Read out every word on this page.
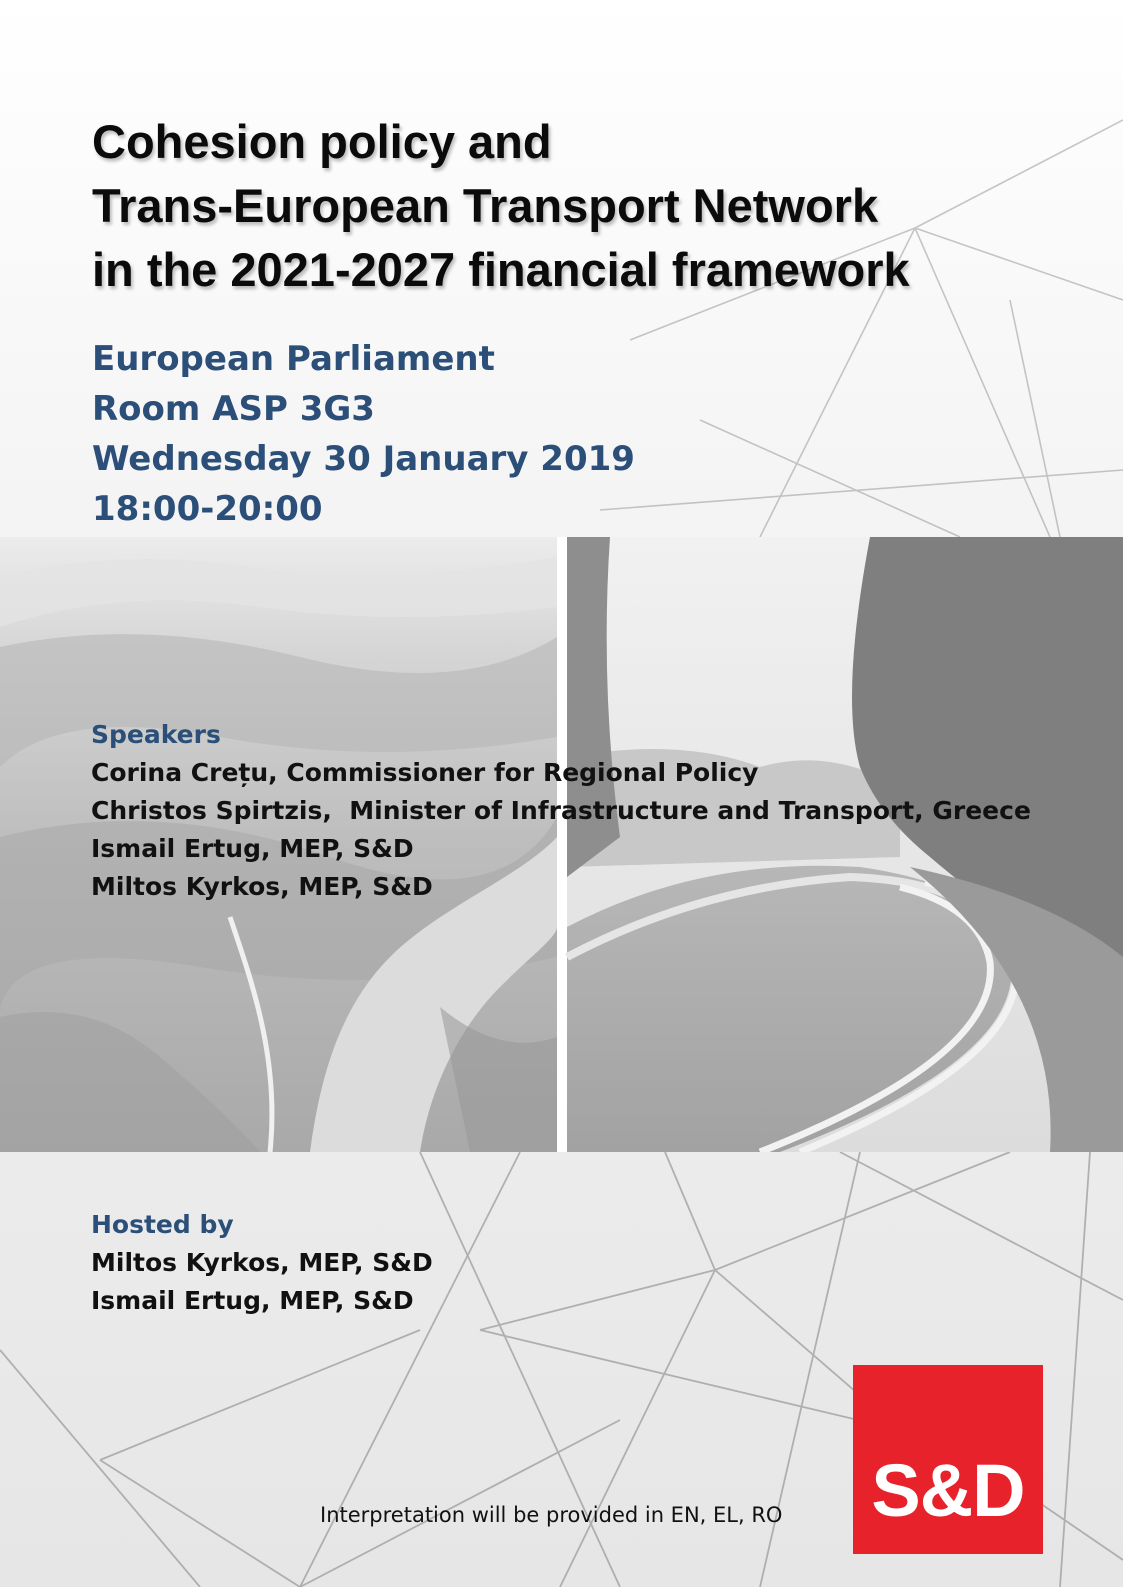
Cohesion policy and
Trans-European Transport Network
in the 2021-2027 financial framework
European Parliament
Room ASP 3G3
Wednesday 30 January 2019
18:00-20:00
Speakers
Corina Crețu, Commissioner for Regional Policy
Christos Spirtzis,  Minister of Infrastructure and Transport, Greece
Ismail Ertug, MEP, S&D
Miltos Kyrkos, MEP, S&D
Hosted by
Miltos Kyrkos, MEP, S&D
Ismail Ertug, MEP, S&D
Interpretation will be provided in EN, EL, RO S&D
